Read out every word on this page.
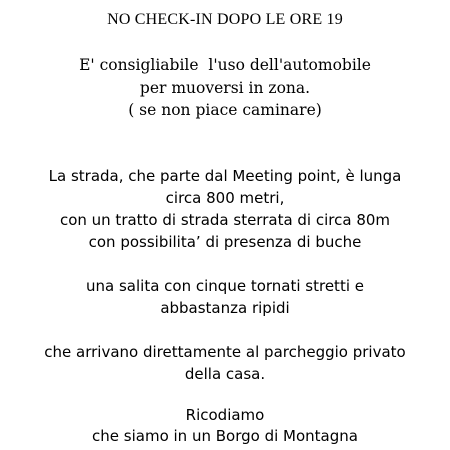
NO CHECK-IN DOPO LE ORE 19
E' consigliabile  l'uso dell'automobile
per muoversi in zona.
( se non piace caminare)
La strada, che parte dal Meeting point, è lunga
circa 800 metri,
con un tratto di strada sterrata di circa 80m
con possibilita’ di presenza di buche
una salita con cinque tornati stretti e
abbastanza ripidi
che arrivano direttamente al parcheggio privato
della casa.
Ricodiamo
che siamo in un Borgo di Montagna
